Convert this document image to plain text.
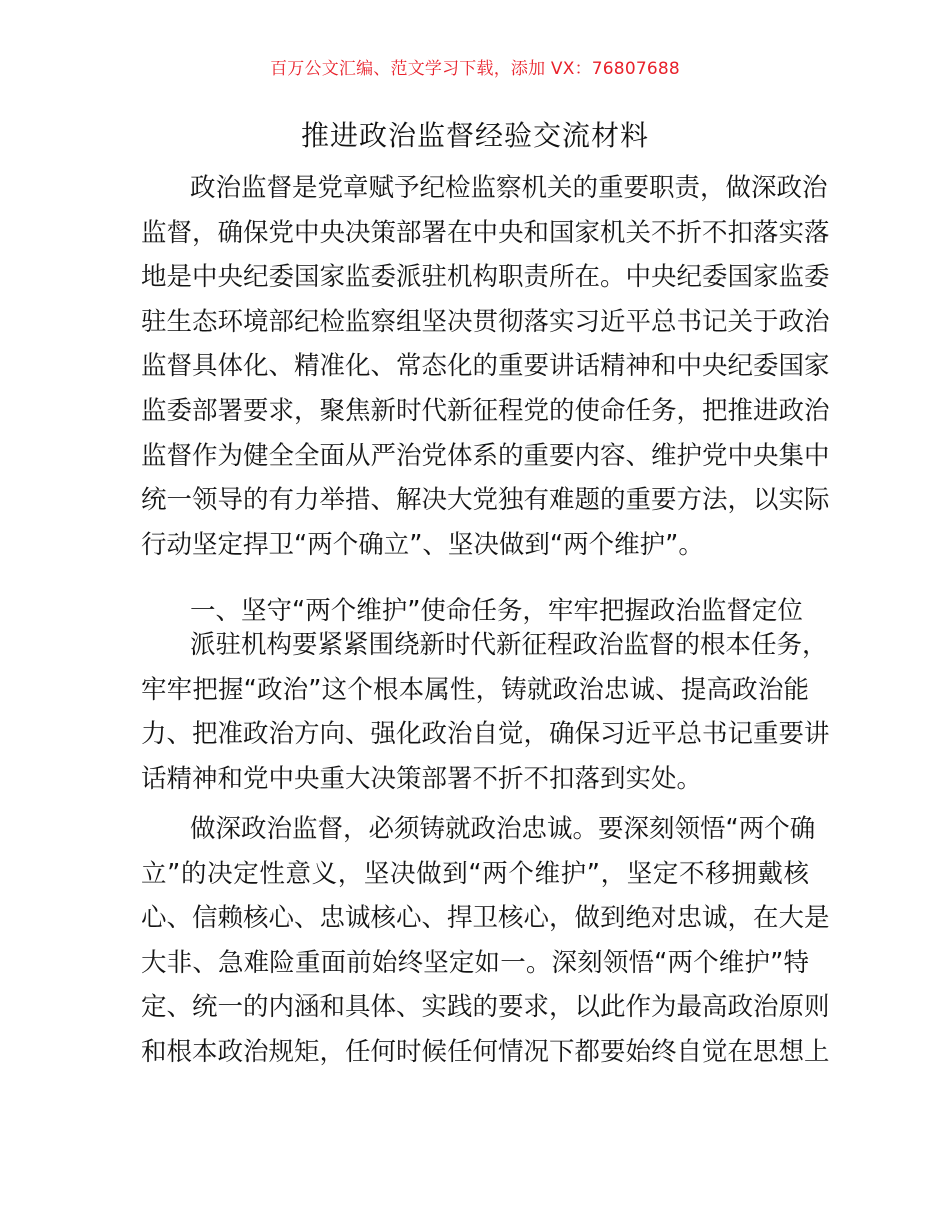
百万公文汇编、范文学习下载，添加 VX：76807688
推进政治监督经验交流材料
政治监督是党章赋予纪检监察机关的重要职责，做深政治
监督，确保党中央决策部署在中央和国家机关不折不扣落实落
地是中央纪委国家监委派驻机构职责所在。中央纪委国家监委
驻生态环境部纪检监察组坚决贯彻落实习近平总书记关于政治
监督具体化、精准化、常态化的重要讲话精神和中央纪委国家
监委部署要求，聚焦新时代新征程党的使命任务，把推进政治
监督作为健全全面从严治党体系的重要内容、维护党中央集中
统一领导的有力举措、解决大党独有难题的重要方法，以实际
行动坚定捍卫“两个确立”、坚决做到“两个维护”。
一、坚守“两个维护”使命任务，牢牢把握政治监督定位
派驻机构要紧紧围绕新时代新征程政治监督的根本任务，
牢牢把握“政治”这个根本属性，铸就政治忠诚、提高政治能
力、把准政治方向、强化政治自觉，确保习近平总书记重要讲
话精神和党中央重大决策部署不折不扣落到实处。
做深政治监督，必须铸就政治忠诚。要深刻领悟“两个确
立”的决定性意义，坚决做到“两个维护”，坚定不移拥戴核
心、信赖核心、忠诚核心、捍卫核心，做到绝对忠诚，在大是
大非、急难险重面前始终坚定如一。深刻领悟“两个维护”特
定、统一的内涵和具体、实践的要求，以此作为最高政治原则
和根本政治规矩，任何时候任何情况下都要始终自觉在思想上
